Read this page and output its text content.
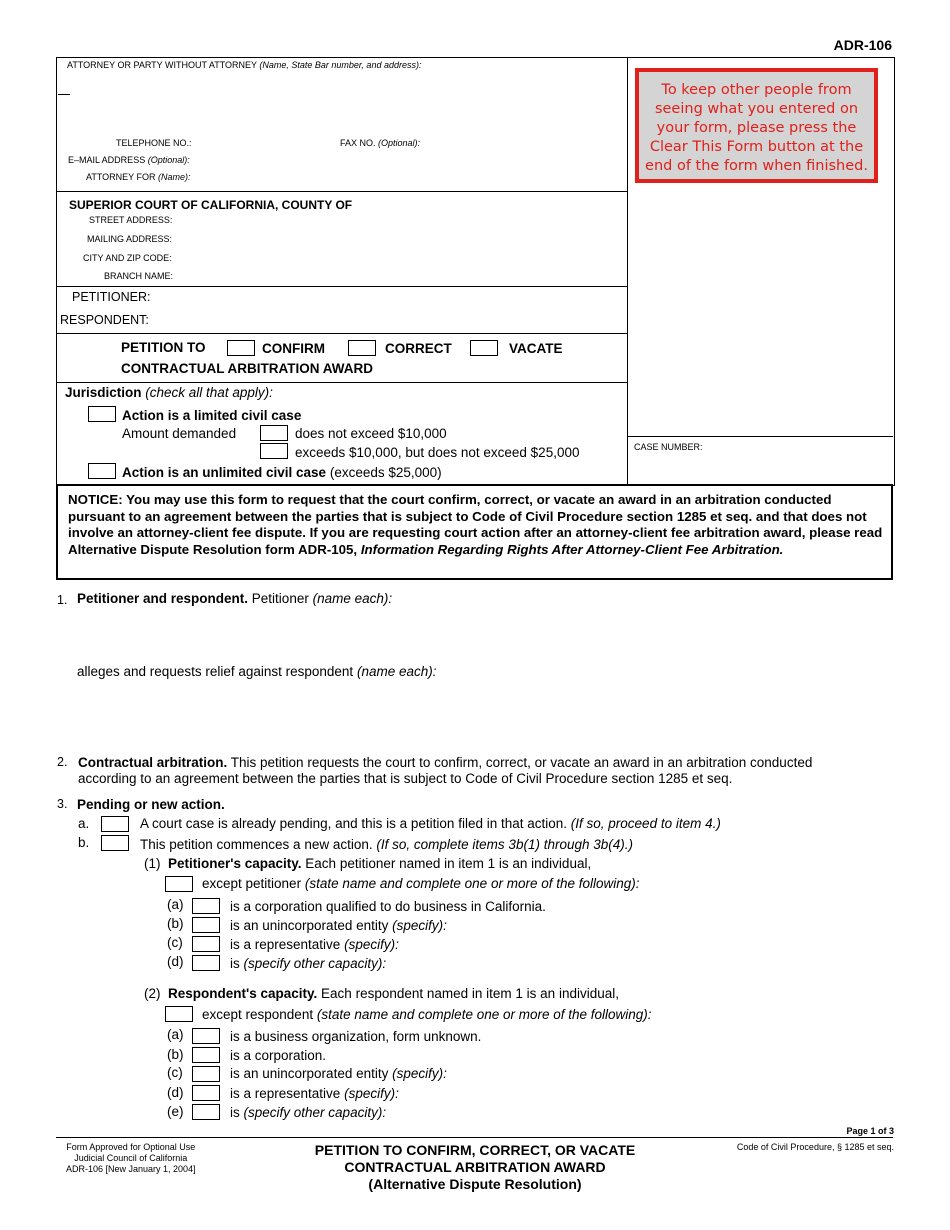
ADR-106
ATTORNEY OR PARTY WITHOUT ATTORNEY (Name, State Bar number, and address):
TELEPHONE NO.:	FAX NO. (Optional):
E–MAIL ADDRESS (Optional):
ATTORNEY FOR (Name):
SUPERIOR COURT OF CALIFORNIA, COUNTY OF
STREET ADDRESS:
MAILING ADDRESS:
CITY AND ZIP CODE:
BRANCH NAME:
PETITIONER:
RESPONDENT:
PETITION TO	CONFIRM	CORRECT	VACATE
CONTRACTUAL ARBITRATION AWARD
Jurisdiction (check all that apply):
Action is a limited civil case
Amount demanded	does not exceed $10,000
exceeds $10,000, but does not exceed $25,000
Action is an unlimited civil case (exceeds $25,000)
CASE NUMBER:
To keep other people from seeing what you entered on your form, please press the Clear This Form button at the end of the form when finished.
NOTICE: You may use this form to request that the court confirm, correct, or vacate an award in an arbitration conducted pursuant to an agreement between the parties that is subject to Code of Civil Procedure section 1285 et seq. and that does not involve an attorney-client fee dispute. If you are requesting court action after an attorney-client fee arbitration award, please read Alternative Dispute Resolution form ADR-105, Information Regarding Rights After Attorney-Client Fee Arbitration.
1. Petitioner and respondent. Petitioner (name each):
alleges and requests relief against respondent (name each):
2. Contractual arbitration. This petition requests the court to confirm, correct, or vacate an award in an arbitration conducted
according to an agreement between the parties that is subject to Code of Civil Procedure section 1285 et seq.
3. Pending or new action.
a.	A court case is already pending, and this is a petition filed in that action. (If so, proceed to item 4.)
b.	This petition commences a new action. (If so, complete items 3b(1) through 3b(4).)
(1) Petitioner's capacity. Each petitioner named in item 1 is an individual,
except petitioner (state name and complete one or more of the following):
(a)	is a corporation qualified to do business in California.
(b)	is an unincorporated entity (specify):
(c)	is a representative (specify):
(d)	is (specify other capacity):
(2) Respondent's capacity. Each respondent named in item 1 is an individual,
except respondent (state name and complete one or more of the following):
(a)	is a business organization, form unknown.
(b)	is a corporation.
(c)	is an unincorporated entity (specify):
(d)	is a representative (specify):
(e)	is (specify other capacity):
Page 1 of 3
Form Approved for Optional Use
Judicial Council of California
ADR-106 [New January 1, 2004]
PETITION TO CONFIRM, CORRECT, OR VACATE
CONTRACTUAL ARBITRATION AWARD
(Alternative Dispute Resolution)
Code of Civil Procedure, § 1285 et seq.
